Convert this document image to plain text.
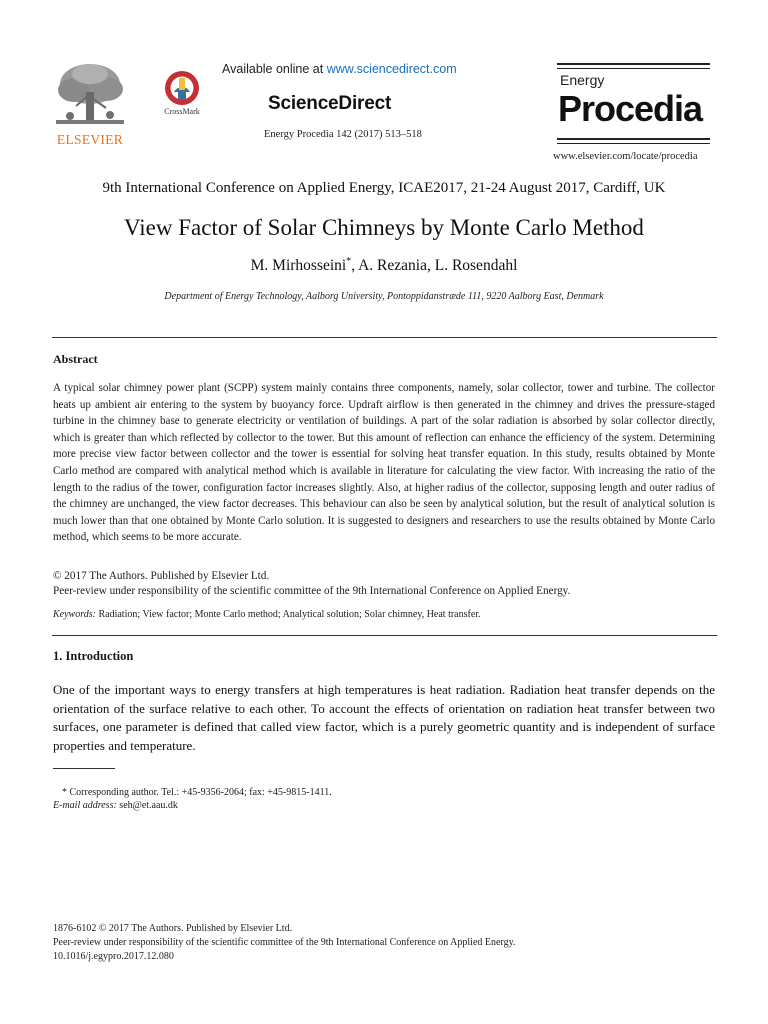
ELSEVIER
CrossMark
Available online at www.sciencedirect.com
ScienceDirect
Energy Procedia 142 (2017) 513–518
Energy
Procedia
www.elsevier.com/locate/procedia
9th International Conference on Applied Energy, ICAE2017, 21-24 August 2017, Cardiff, UK
View Factor of Solar Chimneys by Monte Carlo Method
M. Mirhosseini*, A. Rezania, L. Rosendahl
Department of Energy Technology, Aalborg University, Pontoppidanstræde 111, 9220 Aalborg East, Denmark
Abstract
A typical solar chimney power plant (SCPP) system mainly contains three components, namely, solar collector, tower and turbine. The collector heats up ambient air entering to the system by buoyancy force. Updraft airflow is then generated in the chimney and drives the pressure-staged turbine in the chimney base to generate electricity or ventilation of buildings. A part of the solar radiation is absorbed by solar collector directly, which is greater than which reflected by collector to the tower. But this amount of reflection can enhance the efficiency of the system. Determining more precise view factor between collector and the tower is essential for solving heat transfer equation. In this study, results obtained by Monte Carlo method are compared with analytical method which is available in literature for calculating the view factor. With increasing the ratio of the length to the radius of the tower, configuration factor increases slightly. Also, at higher radius of the collector, supposing length and outer radius of the chimney are unchanged, the view factor decreases. This behaviour can also be seen by analytical solution, but the result of analytical solution is much lower than that one obtained by Monte Carlo solution. It is suggested to designers and researchers to use the results obtained by Monte Carlo method, which seems to be more accurate.
© 2017 The Authors. Published by Elsevier Ltd.
Peer-review under responsibility of the scientific committee of the 9th International Conference on Applied Energy.
Keywords: Radiation; View factor; Monte Carlo method; Analytical solution; Solar chimney, Heat transfer.
1. Introduction
One of the important ways to energy transfers at high temperatures is heat radiation. Radiation heat transfer depends on the orientation of the surface relative to each other. To account the effects of orientation on radiation heat transfer between two surfaces, one parameter is defined that called view factor, which is a purely geometric quantity and is independent of surface properties and temperature.
* Corresponding author. Tel.: +45-9356-2064; fax: +45-9815-1411.
E-mail address: seh@et.aau.dk
1876-6102 © 2017 The Authors. Published by Elsevier Ltd.
Peer-review under responsibility of the scientific committee of the 9th International Conference on Applied Energy.
10.1016/j.egypro.2017.12.080
